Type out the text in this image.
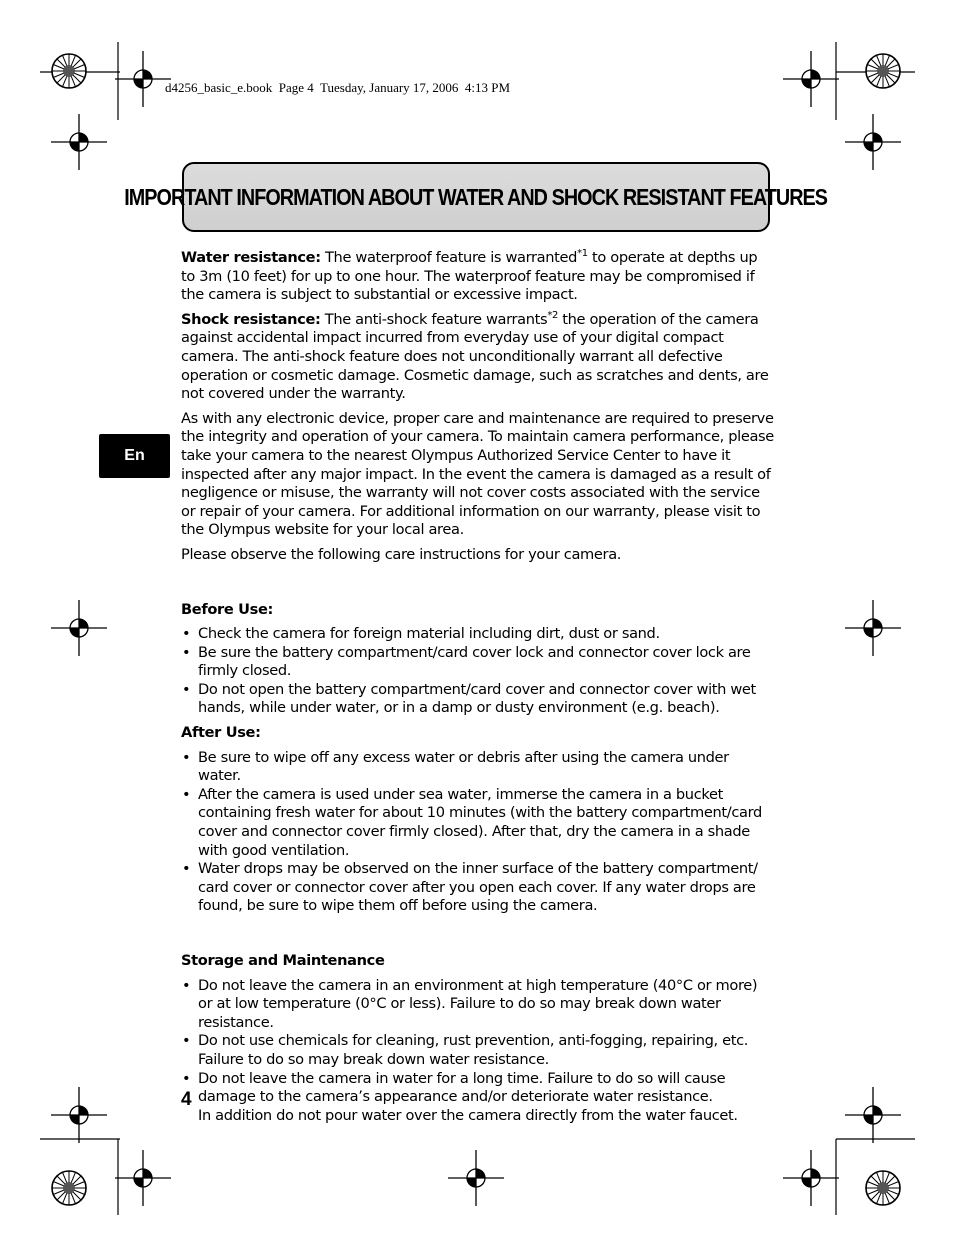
d4256_basic_e.book  Page 4  Tuesday, January 17, 2006  4:13 PM
IMPORTANT INFORMATION ABOUT WATER AND SHOCK RESISTANT FEATURES
En

Water resistance: The waterproof feature is warranted$^{*1}$ to operate at depths up to 3m (10 feet) for up to one hour. The waterproof feature may be compromised if the camera is subject to substantial or excessive impact.

Shock resistance: The anti-shock feature warrants$^{*2}$ the operation of the camera against accidental impact incurred from everyday use of your digital compact camera. The anti-shock feature does not unconditionally warrant all defective operation or cosmetic damage. Cosmetic damage, such as scratches and dents, are not covered under the warranty.

As with any electronic device, proper care and maintenance are required to preserve the integrity and operation of your camera. To maintain camera performance, please take your camera to the nearest Olympus Authorized Service Center to have it inspected after any major impact. In the event the camera is damaged as a result of negligence or misuse, the warranty will not cover costs associated with the service or repair of your camera. For additional information on our warranty, please visit to the Olympus website for your local area.

Please observe the following care instructions for your camera.

Before Use:

• Check the camera for foreign material including dirt, dust or sand.
• Be sure the battery compartment/card cover lock and connector cover lock are firmly closed.
• Do not open the battery compartment/card cover and connector cover with wet hands, while under water, or in a damp or dusty environment (e.g. beach).

After Use:

• Be sure to wipe off any excess water or debris after using the camera under water.
• After the camera is used under sea water, immerse the camera in a bucket containing fresh water for about 10 minutes (with the battery compartment/card cover and connector cover firmly closed). After that, dry the camera in a shade with good ventilation.
• Water drops may be observed on the inner surface of the battery compartment/ card cover or connector cover after you open each cover. If any water drops are found, be sure to wipe them off before using the camera.

Storage and Maintenance

• Do not leave the camera in an environment at high temperature (40°C or more) or at low temperature (0°C or less). Failure to do so may break down water resistance.
• Do not use chemicals for cleaning, rust prevention, anti-fogging, repairing, etc. Failure to do so may break down water resistance.
• Do not leave the camera in water for a long time. Failure to do so will cause damage to the camera’s appearance and/or deteriorate water resistance.
In addition do not pour water over the camera directly from the water faucet.
4
